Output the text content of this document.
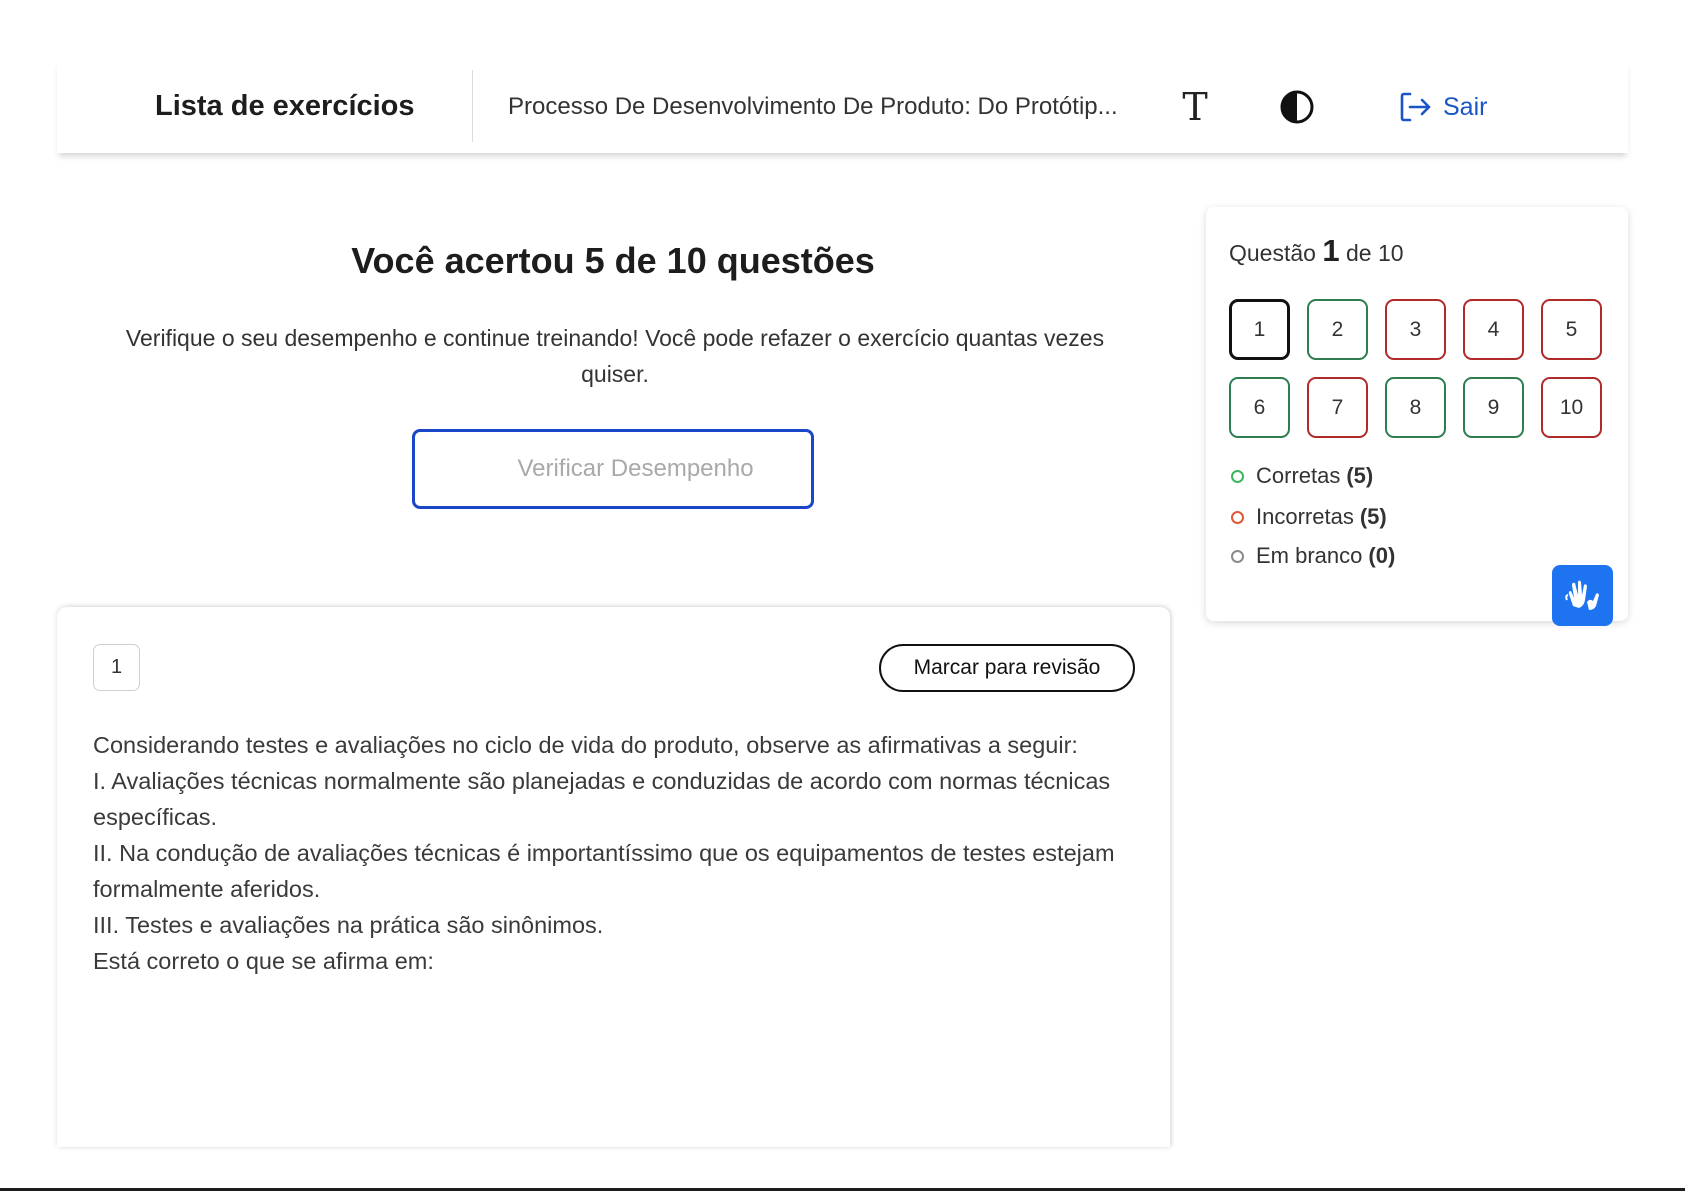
Lista de exercícios	Processo De Desenvolvimento De Produto: Do Protótip...	T	Sair
Você acertou 5 de 10 questões
Verifique o seu desempenho e continue treinando! Você pode refazer o exercício quantas vezes quiser.
Verificar Desempenho
Questão 1 de 10
1	2	3	4	5
6	7	8	9	10
Corretas (5)
Incorretas (5)
Em branco (0)
1	Marcar para revisão

Considerando testes e avaliações no ciclo de vida do produto, observe as afirmativas a seguir:

I. Avaliações técnicas normalmente são planejadas e conduzidas de acordo com normas técnicas específicas.

II. Na condução de avaliações técnicas é importantíssimo que os equipamentos de testes estejam formalmente aferidos.

III. Testes e avaliações na prática são sinônimos.

Está correto o que se afirma em:
